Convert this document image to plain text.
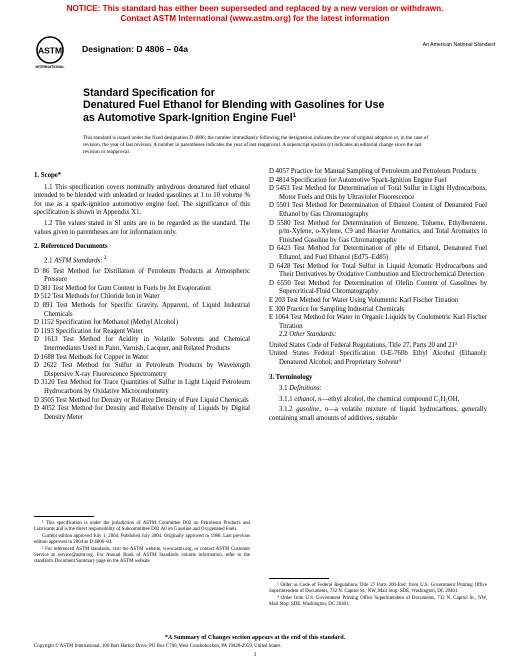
NOTICE: This standard has either been superseded and replaced by a new version or withdrawn.
Contact ASTM International (www.astm.org) for the latest information
ASTM
INTERNATIONAL
Designation: D 4806 – 04a	An American National Standard
Standard Specification for
Denatured Fuel Ethanol for Blending with Gasolines for Use
as Automotive Spark-Ignition Engine Fuel$^1$
This standard is issued under the fixed designation D 4806; the number immediately following the designation indicates the year of original adoption or, in the case of revision, the year of last revision. A number in parentheses indicates the year of last reapproval. A superscript epsilon (ε) indicates an editorial change since the last revision or reapproval.
1. Scope*
1.1 This specification covers nominally anhydrous denatured fuel ethanol intended to be blended with unleaded or leaded gasolines at 1 to 10 volume % for use as a spark-ignition automotive engine fuel. The significance of this specification is shown in Appendix X1.
1.2 The values stated in SI units are to be regarded as the standard. The values given in parentheses are for information only.
2. Referenced Documents
2.1 ASTM Standards: $^2$
D 86 Test Method for Distillation of Petroleum Products at Atmospheric Pressure
D 381 Test Method for Gum Content in Fuels by Jet Evaporation
D 512 Test Methods for Chloride Ion in Water
D 891 Test Methods for Specific Gravity, Apparent, of Liquid Industrial Chemicals
D 1152 Specification for Methanol (Methyl Alcohol)
D 1193 Specification for Reagent Water
D 1613 Test Method for Acidity in Volatile Solvents and Chemical Intermediates Used in Paint, Varnish, Lacquer, and Related Products
D 1688 Test Methods for Copper in Water
D 2622 Test Method for Sulfur in Petroleum Products by Wavelength Dispersive X-ray Fluorescence Spectrometry
D 3120 Test Method for Trace Quantities of Sulfur in Light Liquid Petroleum Hydrocarbons by Oxidative Microcoulometry
D 3505 Test Method for Density or Relative Density of Pure Liquid Chemicals
D 4052 Test Method for Density and Relative Density of Liquids by Digital Density Meter
D 4057 Practice for Manual Sampling of Petroleum and Petroleum Products
D 4814 Specification for Automotive Spark-Ignition Engine Fuel
D 5453 Test Method for Determination of Total Sulfur in Light Hydrocarbons, Motor Fuels and Oils by Ultraviolet Fluorescence
D 5501 Test Method for Determination of Ethanol Content of Denatured Fuel Ethanol by Gas Chromatography
D 5580 Test Method for Determination of Benzene, Toluene, Ethylbenzene, p/m-Xylene, o-Xylene, C9 and Heavier Aromatics, and Total Aromatics in Finished Gasoline by Gas Chromatography
D 6423 Test Method for Determination of pHe of Ethanol, Denatured Fuel Ethanol, and Fuel Ethanol (Ed75–Ed85)
D 6428 Test Method for Total Sulfur in Liquid Aromatic Hydrocarbons and Their Derivatives by Oxidative Combustion and Electrochemical Detection
D 6550 Test Method for Determination of Olefin Content of Gasolines by Supercritical-Fluid Chromatography
E 203 Test Method for Water Using Volumetric Karl Fischer Titration
E 300 Practice for Sampling Industrial Chemicals
E 1064 Test Method for Water in Organic Liquids by Coulometric Karl Fischer Titration
2.2 Other Standards:
United States Code of Federal Regulations, Title 27, Parts 20 and 21³
United States Federal Specification O-E-760b Ethyl Alcohol (Ethanol): Denatured Alcohol; and Proprietary Solvent⁴
3. Terminology
3.1 Definitions:
3.1.1 ethanol, n—ethyl alcohol, the chemical compound C₂H₅OH.
3.1.2 gasoline, n—a volatile mixture of liquid hydrocarbons, generally containing small amounts of additives, suitable
¹ This specification is under the jurisdiction of ASTM Committee D02 on Petroleum Products and Lubricants and is the direct responsibility of Subcommittee D02.A0 on Gasoline and Oxygenated Fuels.
Current edition approved July 1, 2004. Published July 2004. Originally approved in 1988. Last previous edition approved in 2004 as D 4806–04.
² For referenced ASTM standards, visit the ASTM website, www.astm.org, or contact ASTM Customer Service at service@astm.org. For Annual Book of ASTM Standards volume information, refer to the standard's Document Summary page on the ASTM website.
³ Order as Code of Federal Regulations Title 27 Parts 200-End: from U.S. Government Printing Office Superintendent of Documents, 732 N. Capitol St., NW, Mail Stop: SDE, Washington, DC 20401.
⁴ Order from U.S. Government Printing Office Superintendent of Documents, 732 N. Capitol St., NW, Mail Stop: SDE, Washington, DC 20401.
*A Summary of Changes section appears at the end of this standard.
Copyright © ASTM International, 100 Barr Harbor Drive, PO Box C700, West Conshohocken, PA 19428-2959, United States.
1
